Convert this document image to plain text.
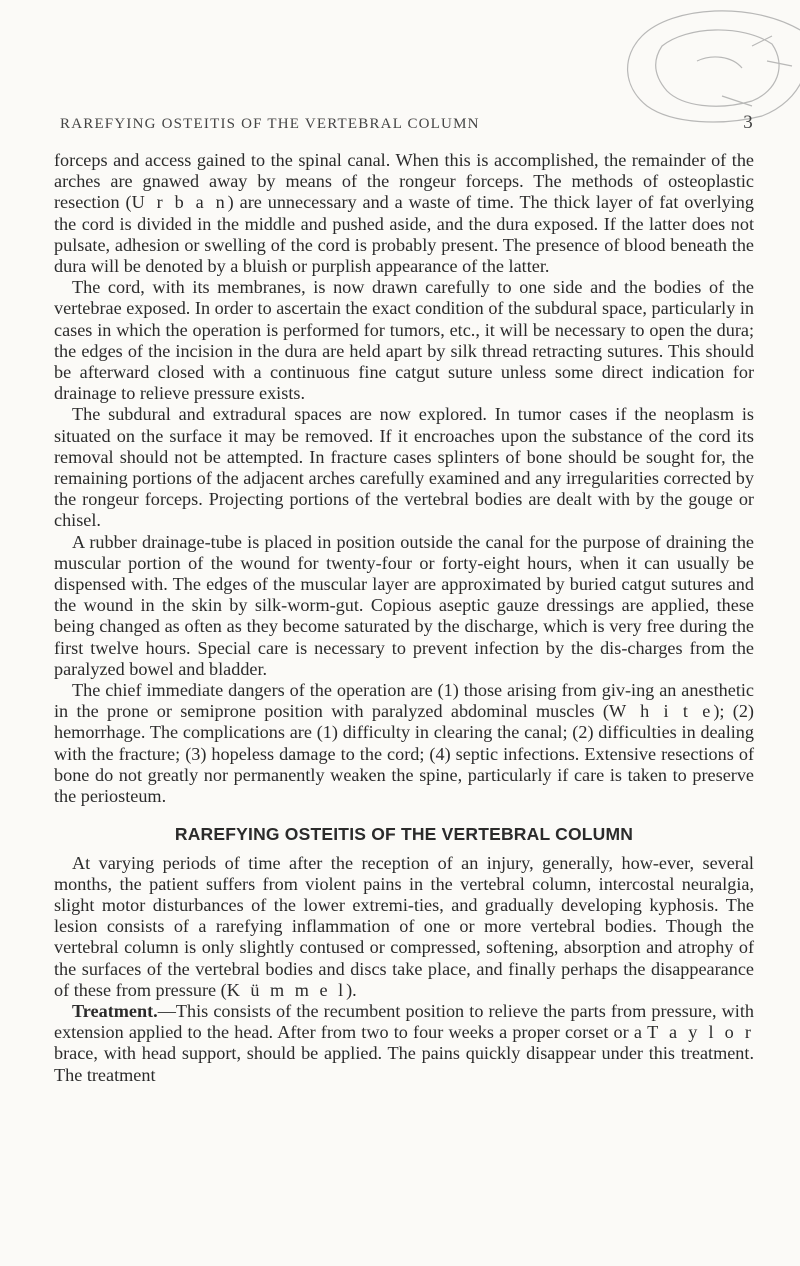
RAREFYING OSTEITIS OF THE VERTEBRAL COLUMN	3

forceps and access gained to the spinal canal. When this is accomplished, the remainder of the arches are gnawed away by means of the rongeur forceps. The methods of osteoplastic resection (U r b a n) are unnecessary and a waste of time. The thick layer of fat overlying the cord is divided in the middle and pushed aside, and the dura exposed. If the latter does not pulsate, adhesion or swelling of the cord is probably present. The presence of blood beneath the dura will be denoted by a bluish or purplish appearance of the latter.

The cord, with its membranes, is now drawn carefully to one side and the bodies of the vertebrae exposed. In order to ascertain the exact condition of the subdural space, particularly in cases in which the operation is performed for tumors, etc., it will be necessary to open the dura; the edges of the incision in the dura are held apart by silk thread retracting sutures. This should be afterward closed with a continuous fine catgut suture unless some direct indication for drainage to relieve pressure exists.

The subdural and extradural spaces are now explored. In tumor cases if the neoplasm is situated on the surface it may be removed. If it encroaches upon the substance of the cord its removal should not be attempted. In fracture cases splinters of bone should be sought for, the remaining portions of the adjacent arches carefully examined and any irregularities corrected by the rongeur forceps. Projecting portions of the vertebral bodies are dealt with by the gouge or chisel.

A rubber drainage-tube is placed in position outside the canal for the purpose of draining the muscular portion of the wound for twenty-four or forty-eight hours, when it can usually be dispensed with. The edges of the muscular layer are approximated by buried catgut sutures and the wound in the skin by silk-worm-gut. Copious aseptic gauze dressings are applied, these being changed as often as they become saturated by the discharge, which is very free during the first twelve hours. Special care is necessary to prevent infection by the dis-charges from the paralyzed bowel and bladder.

The chief immediate dangers of the operation are (1) those arising from giv-ing an anesthetic in the prone or semiprone position with paralyzed abdominal muscles (W h i t e); (2) hemorrhage. The complications are (1) difficulty in clearing the canal; (2) difficulties in dealing with the fracture; (3) hopeless damage to the cord; (4) septic infections. Extensive resections of bone do not greatly nor permanently weaken the spine, particularly if care is taken to preserve the periosteum.

RAREFYING OSTEITIS OF THE VERTEBRAL COLUMN

At varying periods of time after the reception of an injury, generally, how-ever, several months, the patient suffers from violent pains in the vertebral column, intercostal neuralgia, slight motor disturbances of the lower extremi-ties, and gradually developing kyphosis. The lesion consists of a rarefying inflammation of one or more vertebral bodies. Though the vertebral column is only slightly contused or compressed, softening, absorption and atrophy of the surfaces of the vertebral bodies and discs take place, and finally perhaps the disappearance of these from pressure (K ü m m e l).

Treatment.—This consists of the recumbent position to relieve the parts from pressure, with extension applied to the head. After from two to four weeks a proper corset or a T a y l o r brace, with head support, should be applied. The pains quickly disappear under this treatment. The treatment
